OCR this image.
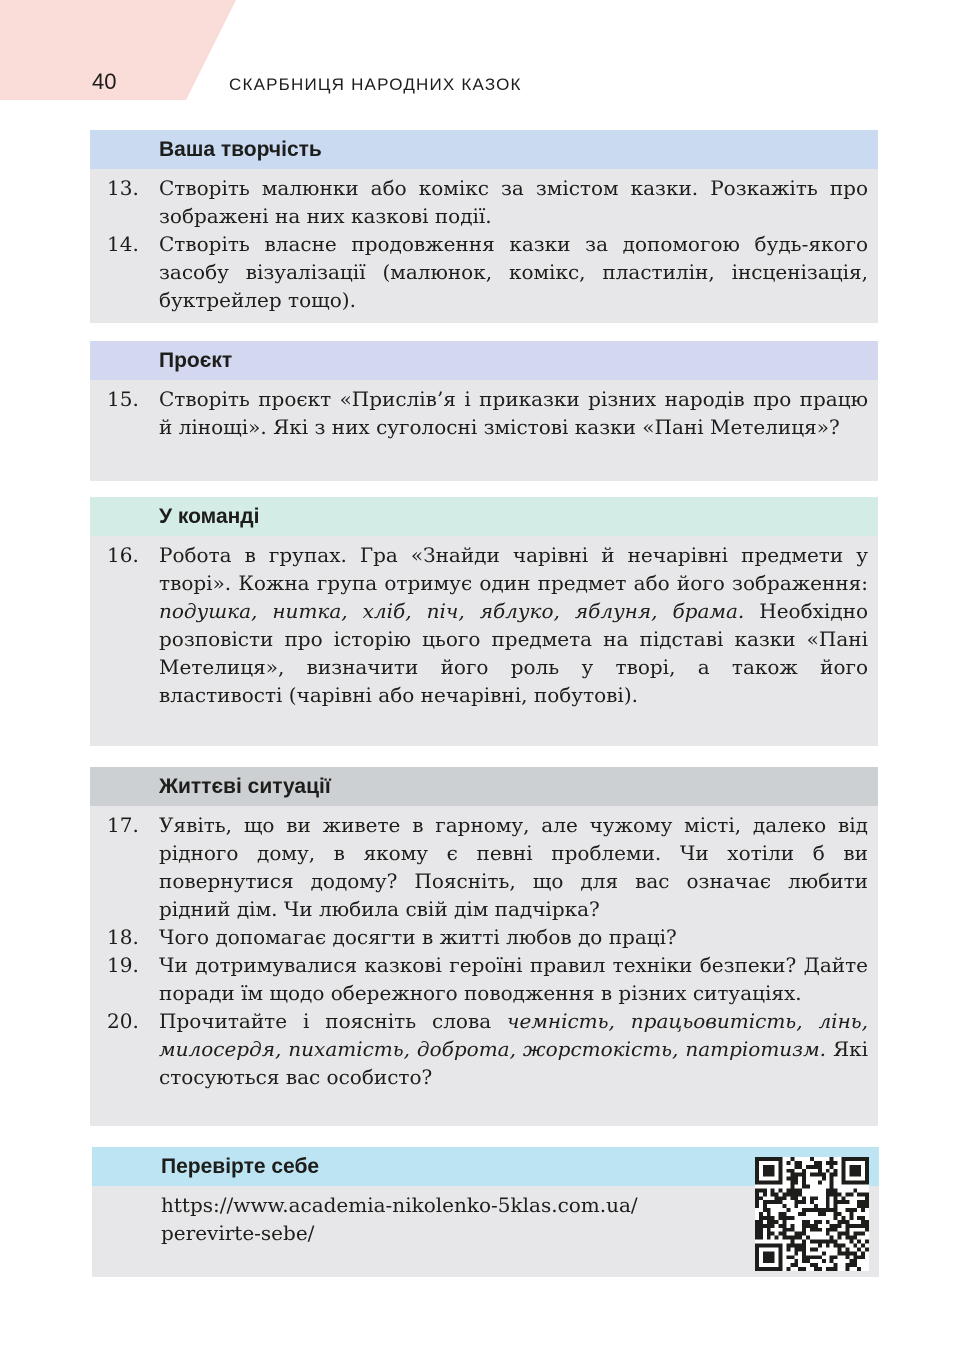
40	СКАРБНИЦЯ НАРОДНИХ КАЗОК
Ваша творчість
13. Створіть малюнки або комікс за змістом казки. Розкажіть про зображені на них казкові події.
14. Створіть власне продовження казки за допомогою будь-якого засобу візуалізації (малюнок, комікс, пластилін, інсценізація, буктрейлер тощо).
Проєкт
15. Створіть проєкт «Прислів’я і приказки різних народів про працю й лінощі». Які з них суголосні змістові казки «Пані Метелиця»?
У команді
16. Робота в групах. Гра «Знайди чарівні й нечарівні предмети у творі». Кожна група отримує один предмет або його зображення: подушка, нитка, хліб, піч, яблуко, яблуня, брама. Необхідно розповісти про історію цього предмета на підставі казки «Пані Метелиця», визначити його роль у творі, а також його властивості (чарівні або нечарівні, побутові).
Життєві ситуації
17. Уявіть, що ви живете в гарному, але чужому місті, далеко від рідного дому, в якому є певні проблеми. Чи хотіли б ви повернутися додому? Поясніть, що для вас означає любити рідний дім. Чи любила свій дім падчірка?
18. Чого допомагає досягти в житті любов до праці?
19. Чи дотримувалися казкові героїні правил техніки безпеки? Дайте поради їм щодо обережного поводження в різних ситуаціях.
20. Прочитайте і поясніть слова чемність, працьовитість, лінь, милосердя, пихатість, доброта, жорстокість, патріотизм. Які стосуються вас особисто?
Перевірте себе
https://www.academia-nikolenko-5klas.com.ua/
perevirte-sebe/
